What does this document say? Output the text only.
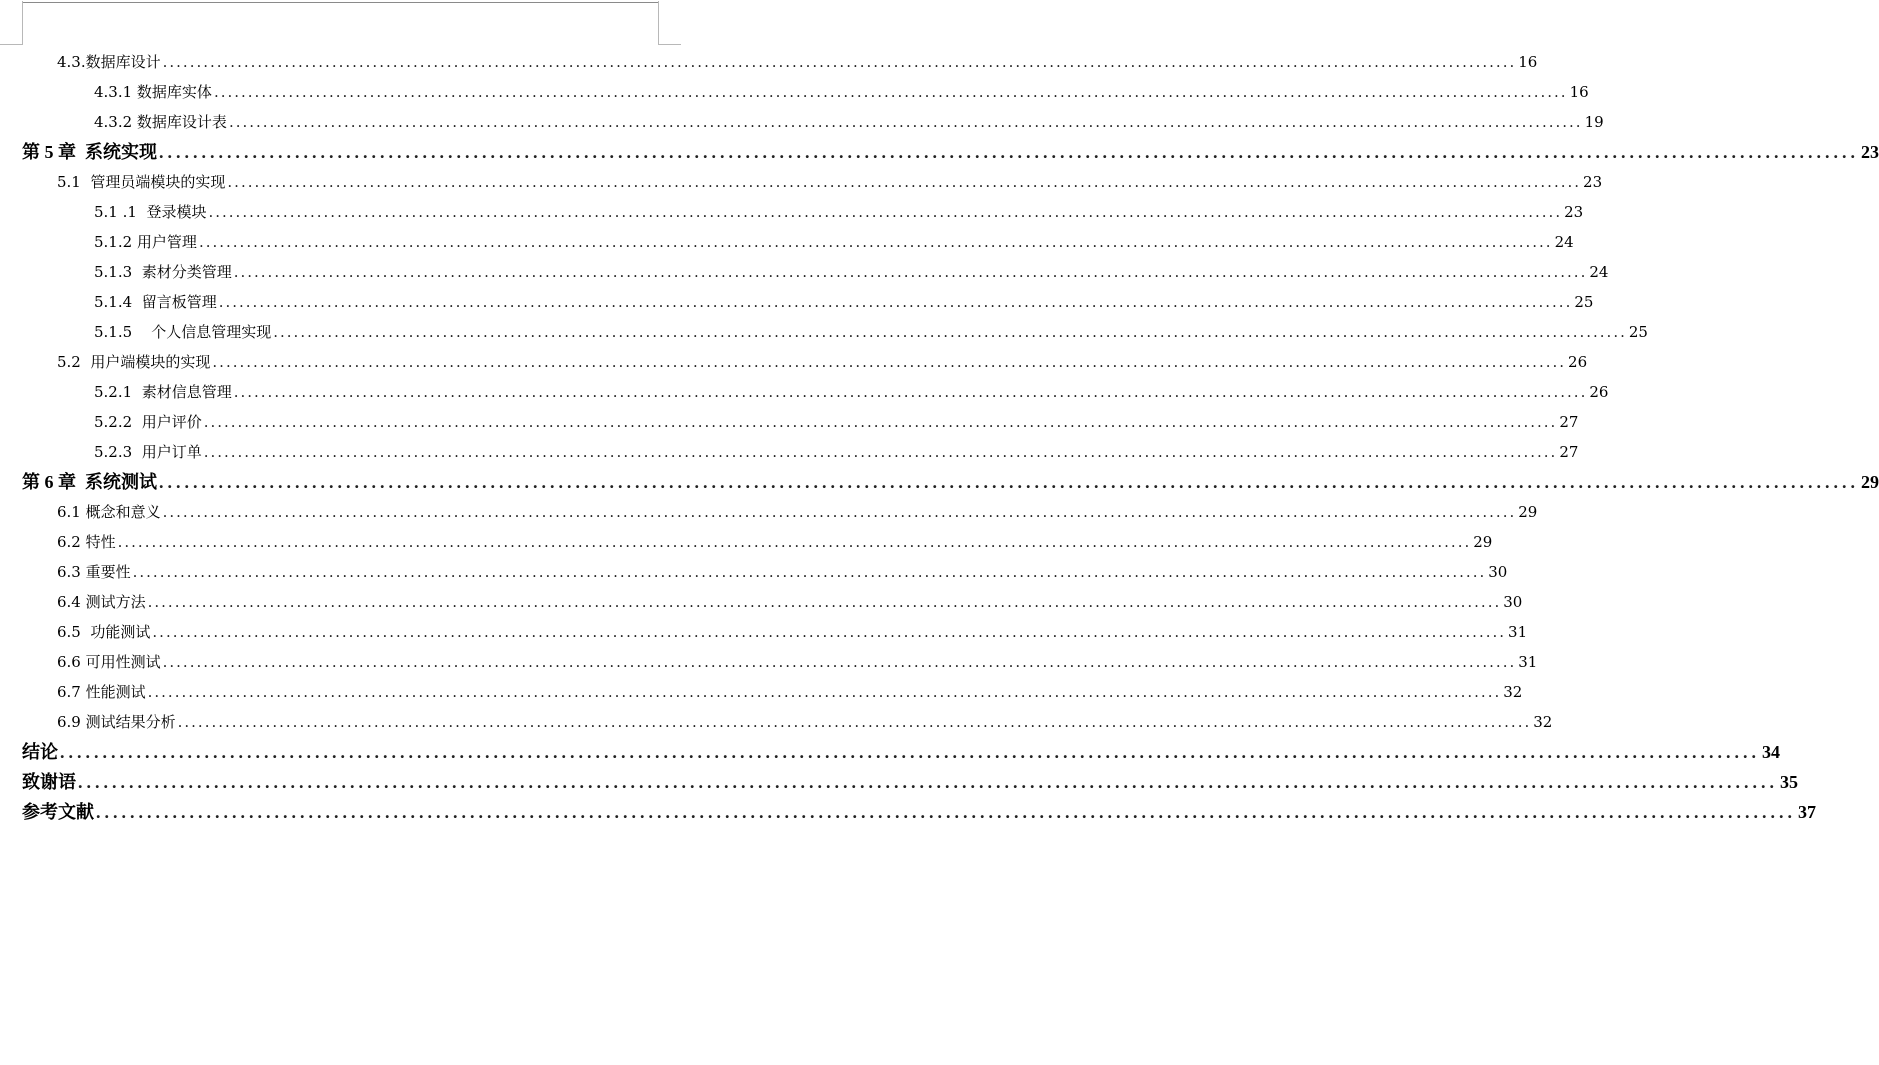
4.3.数据库设计 ........................................................................................................................................................................................................ 16
4.3.1 数据库实体 ........................................................................................................................................................................................................ 16
4.3.2 数据库设计表 ........................................................................................................................................................................................................ 19
第 5 章  系统实现 ........................................................................................................................................................................................................ 23
5.1  管理员端模块的实现 ........................................................................................................................................................................................................ 23
5.1 .1  登录模块 ........................................................................................................................................................................................................ 23
5.1.2 用户管理 ........................................................................................................................................................................................................ 24
5.1.3  素材分类管理 ........................................................................................................................................................................................................ 24
5.1.4  留言板管理 ........................................................................................................................................................................................................ 25
5.1.5    个人信息管理实现 ........................................................................................................................................................................................................ 25
5.2  用户端模块的实现 ........................................................................................................................................................................................................ 26
5.2.1  素材信息管理 ........................................................................................................................................................................................................ 26
5.2.2  用户评价 ........................................................................................................................................................................................................ 27
5.2.3  用户订单 ........................................................................................................................................................................................................ 27
第 6 章  系统测试 ........................................................................................................................................................................................................ 29
6.1 概念和意义 ........................................................................................................................................................................................................ 29
6.2 特性 ........................................................................................................................................................................................................ 29
6.3 重要性 ........................................................................................................................................................................................................ 30
6.4 测试方法 ........................................................................................................................................................................................................ 30
6.5  功能测试 ........................................................................................................................................................................................................ 31
6.6 可用性测试 ........................................................................................................................................................................................................ 31
6.7 性能测试 ........................................................................................................................................................................................................ 32
6.9 测试结果分析 ........................................................................................................................................................................................................ 32
结论 ........................................................................................................................................................................................................ 34
致谢语 ........................................................................................................................................................................................................ 35
参考文献 ........................................................................................................................................................................................................ 37
